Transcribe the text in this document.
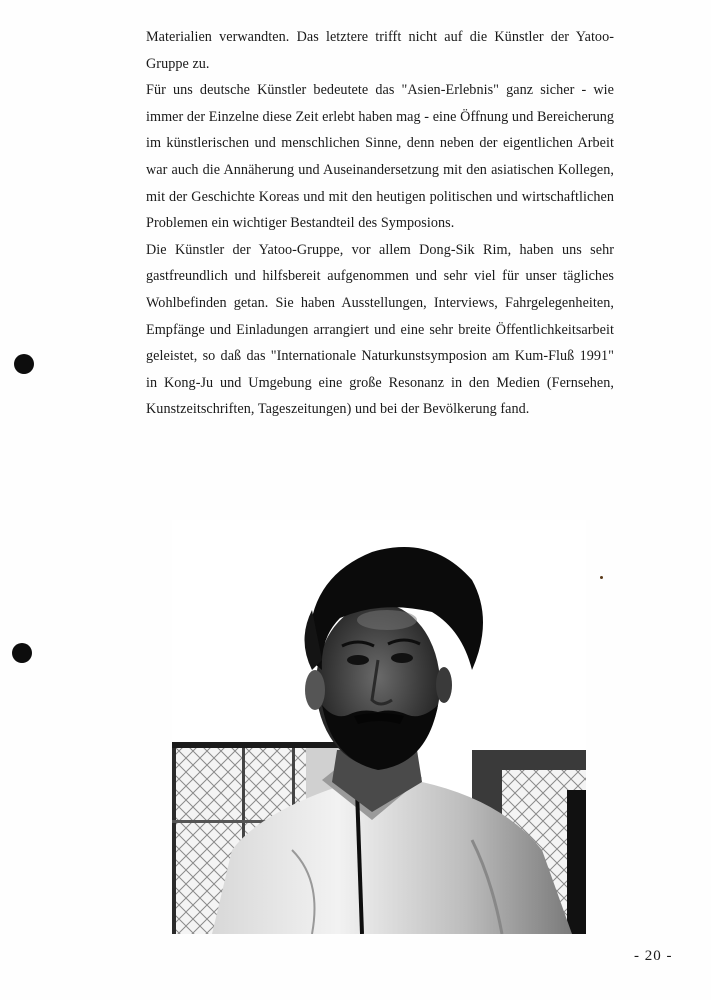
Materialien verwandten. Das letztere trifft nicht auf die Künstler der Yatoo-Gruppe zu.

Für uns deutsche Künstler bedeutete das "Asien-Erlebnis" ganz sicher - wie immer der Einzelne diese Zeit erlebt haben mag - eine Öffnung und Bereicherung im künstlerischen und menschlichen Sinne, denn neben der eigentlichen Arbeit war auch die Annäherung und Auseinandersetzung mit den asiatischen Kollegen, mit der Geschichte Koreas und mit den heutigen politischen und wirtschaftlichen Problemen ein wichtiger Bestandteil des Symposions.

Die Künstler der Yatoo-Gruppe, vor allem Dong-Sik Rim, haben uns sehr gastfreundlich und hilfsbereit aufgenommen und sehr viel für unser tägliches Wohlbefinden getan. Sie haben Ausstellungen, Interviews, Fahrgelegenheiten, Empfänge und Einladungen arrangiert und eine sehr breite Öffentlichkeitsarbeit geleistet, so daß das "Internationale Naturkunstsymposion am Kum-Fluß 1991" in Kong-Ju und Umgebung eine große Resonanz in den Medien (Fernsehen, Kunstzeitschriften, Tageszeitungen) und bei der Bevölkerung fand.

- 20 -
